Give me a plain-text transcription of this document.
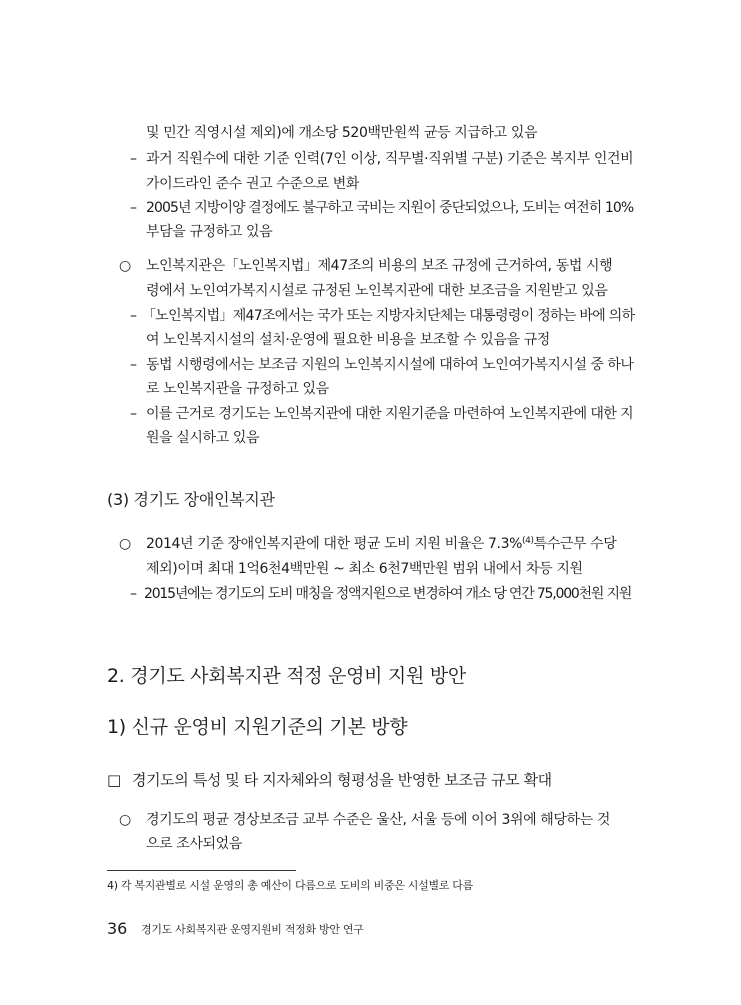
및 민간 직영시설 제외)에 개소당 520백만원씩 균등 지급하고 있음
– 과거 직원수에 대한 기준 인력(7인 이상, 직무별·직위별 구분) 기준은 복지부 인건비
가이드라인 준수 권고 수준으로 변화
– 2005년 지방이양 결정에도 불구하고 국비는 지원이 중단되었으나, 도비는 여전히 10%
부담을 규정하고 있음
○ 노인복지관은「노인복지법」제47조의 비용의 보조 규정에 근거하여, 동법 시행
령에서 노인여가복지시설로 규정된 노인복지관에 대한 보조금을 지원받고 있음
– 「노인복지법」제47조에서는 국가 또는 지방자치단체는 대통령령이 정하는 바에 의하
여 노인복지시설의 설치·운영에 필요한 비용을 보조할 수 있음을 규정
– 동법 시행령에서는 보조금 지원의 노인복지시설에 대하여 노인여가복지시설 중 하나
로 노인복지관을 규정하고 있음
– 이를 근거로 경기도는 노인복지관에 대한 지원기준을 마련하여 노인복지관에 대한 지
원을 실시하고 있음
(3) 경기도 장애인복지관
○ 2014년 기준 장애인복지관에 대한 평균 도비 지원 비율은 7.3%$^{(4)}$특수근무 수당
제외)이며 최대 1억6천4백만원 ~ 최소 6천7백만원 범위 내에서 차등 지원
– 2015년에는 경기도의 도비 매칭을 정액지원으로 변경하여 개소 당 연간 75,000천원 지원
2. 경기도 사회복지관 적정 운영비 지원 방안
1) 신규 운영비 지원기준의 기본 방향
□ 경기도의 특성 및 타 지자체와의 형평성을 반영한 보조금 규모 확대
○ 경기도의 평균 경상보조금 교부 수준은 울산, 서울 등에 이어 3위에 해당하는 것
으로 조사되었음
4) 각 복지관별로 시설 운영의 총 예산이 다름으로 도비의 비중은 시설별로 다름
36 경기도 사회복지관 운영지원비 적정화 방안 연구
